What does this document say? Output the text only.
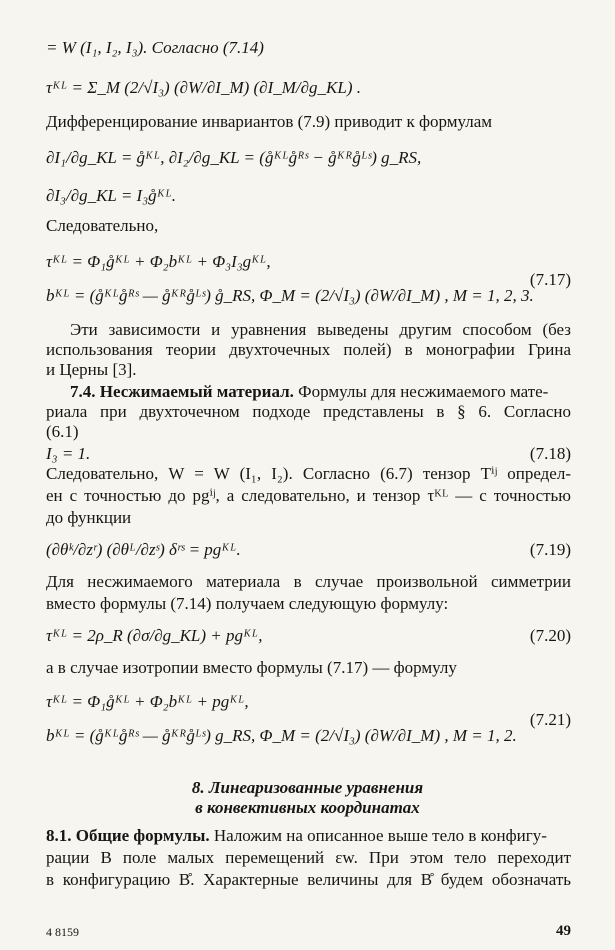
= W (I₁, I₂, I₃). Согласно (7.14)
τᴷᴸ = Σ_M (2/√I₃) (∂W/∂I_M) (∂I_M/∂g_KL) .
Дифференцирование инвариантов (7.9) приводит к формулам
∂I₁/∂g_KL = g̊ᴷᴸ, ∂I₂/∂g_KL = (g̊ᴷᴸg̊ᴿˢ − g̊ᴷᴿg̊ᴸˢ) g_RS,
∂I₃/∂g_KL = I₃g̊ᴷᴸ.
Следовательно,
τᴷᴸ = Φ₁g̊ᴷᴸ + Φ₂bᴷᴸ + Φ₃I₃gᴷᴸ,
bᴷᴸ = (g̊ᴷᴸg̊ᴿˢ — g̊ᴷᴿg̊ᴸˢ) g̊_RS, Φ_M = (2/√I₃) (∂W/∂I_M) , M = 1, 2, 3.
(7.17)
Эти зависимости и уравнения выведены другим способом (без
использования теории двухточечных полей) в монографии Грина
и Церны [3].
7.4. Несжимаемый материал. Формулы для несжимаемого мате-
риала при двухточечном подходе представлены в § 6. Согласно
(6.1)
I₃ = 1.	(7.18)
Следовательно, W = W (I₁, I₂). Согласно (6.7) тензор Tⁱʲ определ-
ен с точностью до pgⁱʲ, а следовательно, и тензор τᴷᴸ — с точностью
до функции
(∂θᵏ/∂zʳ) (∂θᴸ/∂zˢ) δʳˢ = pgᴷᴸ.	(7.19)
Для несжимаемого материала в случае произвольной симметрии
вместо формулы (7.14) получаем следующую формулу:
τᴷᴸ = 2ρ_R (∂σ/∂g_KL) + pgᴷᴸ,	(7.20)
а в случае изотропии вместо формулы (7.17) — формулу
τᴷᴸ = Φ₁g̊ᴷᴸ + Φ₂bᴷᴸ + pgᴷᴸ,
bᴷᴸ = (g̊ᴷᴸg̊ᴿˢ — g̊ᴷᴿg̊ᴸˢ) g_RS, Φ_M = (2/√I₃) (∂W/∂I_M) , M = 1, 2.
(7.21)
8. Линеаризованные уравнения
в конвективных координатах
8.1. Общие формулы. Наложим на описанное выше тело в конфигу-
рации B поле малых перемещений εw. При этом тело переходит
в конфигурацию B̊. Характерные величины для B̊ будем обозначать
4 8159	49
